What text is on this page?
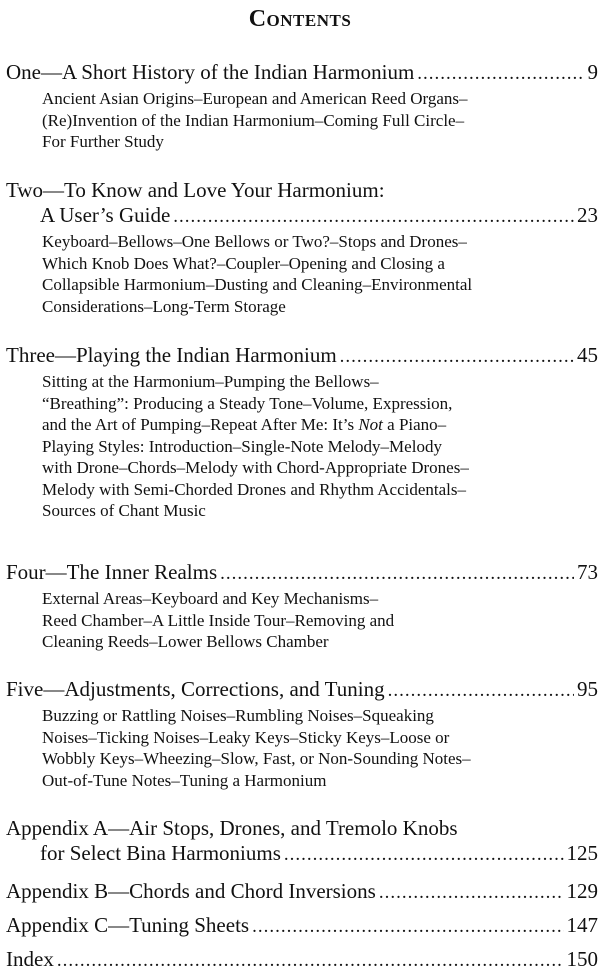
Contents
One—A Short History of the Indian Harmonium .....	9
Ancient Asian Origins–European and American Reed Organs–
(Re)Invention of the Indian Harmonium–Coming Full Circle–
For Further Study
Two—To Know and Love Your Harmonium:
A User’s Guide .....	23
Keyboard–Bellows–One Bellows or Two?–Stops and Drones–
Which Knob Does What?–Coupler–Opening and Closing a
Collapsible Harmonium–Dusting and Cleaning–Environmental
Considerations–Long-Term Storage
Three—Playing the Indian Harmonium .....	45
Sitting at the Harmonium–Pumping the Bellows–
“Breathing”: Producing a Steady Tone–Volume, Expression,
and the Art of Pumping–Repeat After Me: It’s Not a Piano–
Playing Styles: Introduction–Single-Note Melody–Melody
with Drone–Chords–Melody with Chord-Appropriate Drones–
Melody with Semi-Chorded Drones and Rhythm Accidentals–
Sources of Chant Music
Four—The Inner Realms .....	73
External Areas–Keyboard and Key Mechanisms–
Reed Chamber–A Little Inside Tour–Removing and
Cleaning Reeds–Lower Bellows Chamber
Five—Adjustments, Corrections, and Tuning .....	95
Buzzing or Rattling Noises–Rumbling Noises–Squeaking
Noises–Ticking Noises–Leaky Keys–Sticky Keys–Loose or
Wobbly Keys–Wheezing–Slow, Fast, or Non-Sounding Notes–
Out-of-Tune Notes–Tuning a Harmonium
Appendix A—Air Stops, Drones, and Tremolo Knobs
for Select Bina Harmoniums .....	125
Appendix B—Chords and Chord Inversions .....	129
Appendix C—Tuning Sheets .....	147
Index .....	150
